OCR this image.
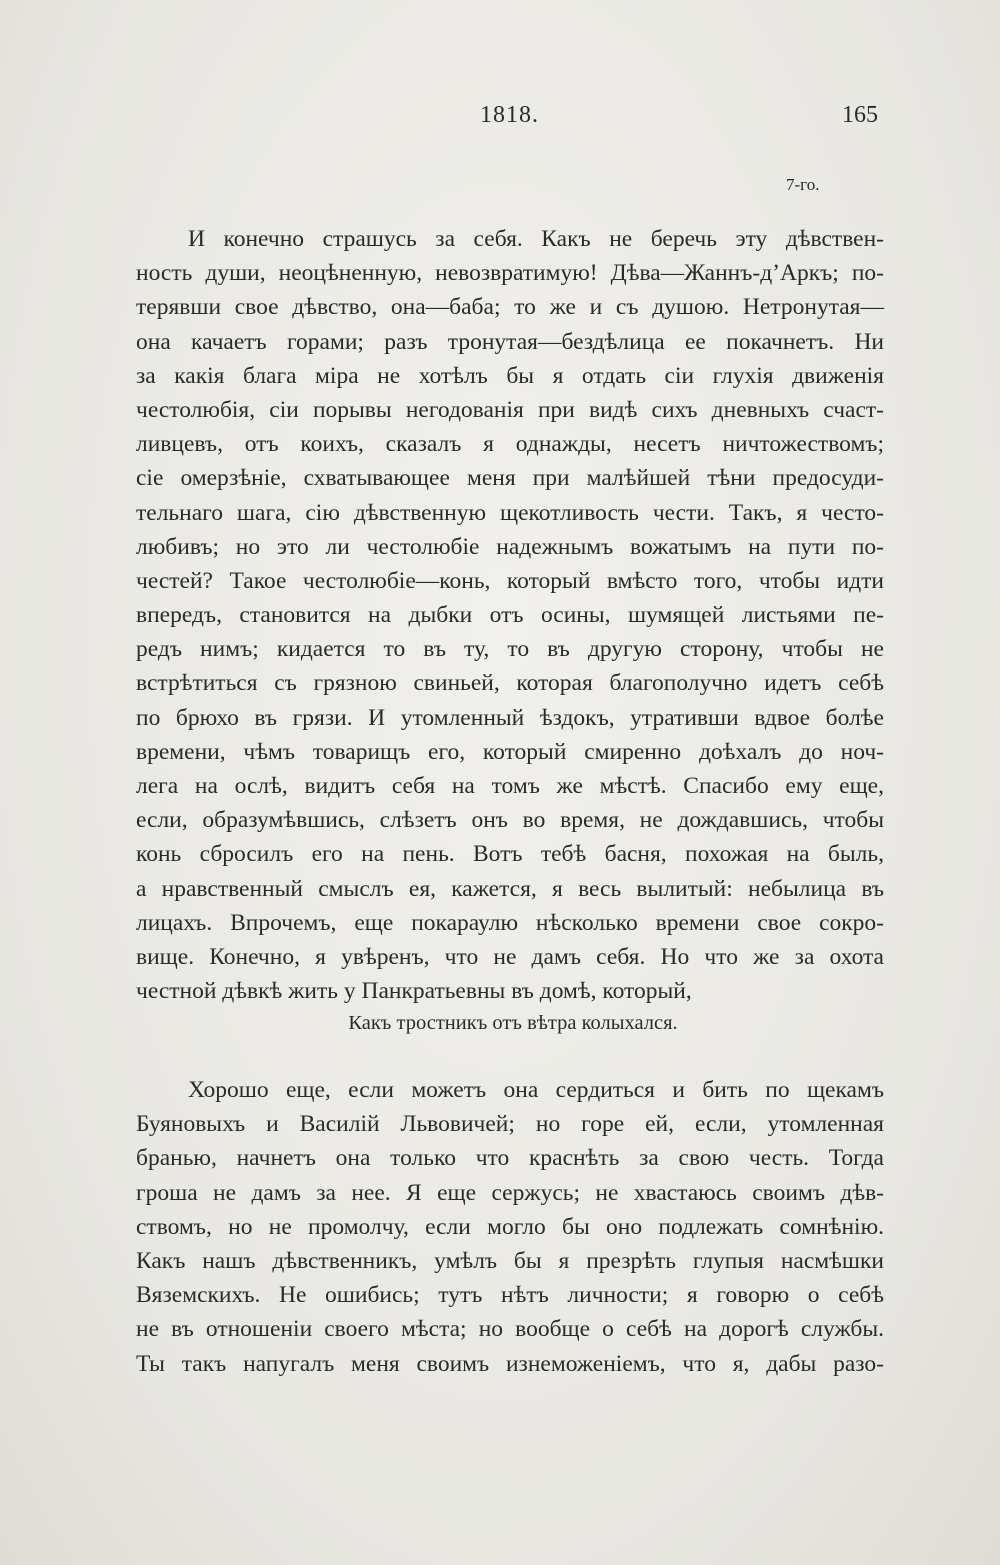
1818.	165
7-го.
И конечно страшусь за себя. Какъ не беречь эту дѣвствен-
ность души, неоцѣненную, невозвратимую! Дѣва—Жаннъ-д’Аркъ; по-
терявши свое дѣвство, она—баба; то же и съ душою. Нетронутая—
она качаетъ горами; разъ тронутая—бездѣлица ее покачнетъ. Ни
за какія блага міра не хотѣлъ бы я отдать сіи глухія движенія
честолюбія, сіи порывы негодованія при видѣ сихъ дневныхъ счаст-
ливцевъ, отъ коихъ, сказалъ я однажды, несетъ ничтожествомъ;
сіе омерзѣніе, схватывающее меня при малѣйшей тѣни предосуди-
тельнаго шага, сію дѣвственную щекотливость чести. Такъ, я често-
любивъ; но это ли честолюбіе надежнымъ вожатымъ на пути по-
честей? Такое честолюбіе—конь, который вмѣсто того, чтобы идти
впередъ, становится на дыбки отъ осины, шумящей листьями пе-
редъ нимъ; кидается то въ ту, то въ другую сторону, чтобы не
встрѣтиться съ грязною свиньей, которая благополучно идетъ себѣ
по брюхо въ грязи. И утомленный ѣздокъ, утративши вдвое болѣе
времени, чѣмъ товарищъ его, который смиренно доѣхалъ до ноч-
лега на ослѣ, видитъ себя на томъ же мѣстѣ. Спасибо ему еще,
если, образумѣвшись, слѣзетъ онъ во время, не дождавшись, чтобы
конь сбросилъ его на пень. Вотъ тебѣ басня, похожая на быль,
а нравственный смыслъ ея, кажется, я весь вылитый: небылица въ
лицахъ. Впрочемъ, еще покараулю нѣсколько времени свое сокро-
вище. Конечно, я увѣренъ, что не дамъ себя. Но что же за охота
честной дѣвкѣ жить у Панкратьевны въ домѣ, который,
Какъ тростникъ отъ вѣтра колыхался.
Хорошо еще, если можетъ она сердиться и бить по щекамъ
Буяновыхъ и Василій Львовичей; но горе ей, если, утомленная
бранью, начнетъ она только что краснѣть за свою честь. Тогда
гроша не дамъ за нее. Я еще сержусь; не хвастаюсь своимъ дѣв-
ствомъ, но не промолчу, если могло бы оно подлежать сомнѣнію.
Какъ нашъ дѣвственникъ, умѣлъ бы я презрѣть глупыя насмѣшки
Вяземскихъ. Не ошибись; тутъ нѣтъ личности; я говорю о себѣ
не въ отношеніи своего мѣста; но вообще о себѣ на дорогѣ службы.
Ты такъ напугалъ меня своимъ изнеможеніемъ, что я, дабы разо-
